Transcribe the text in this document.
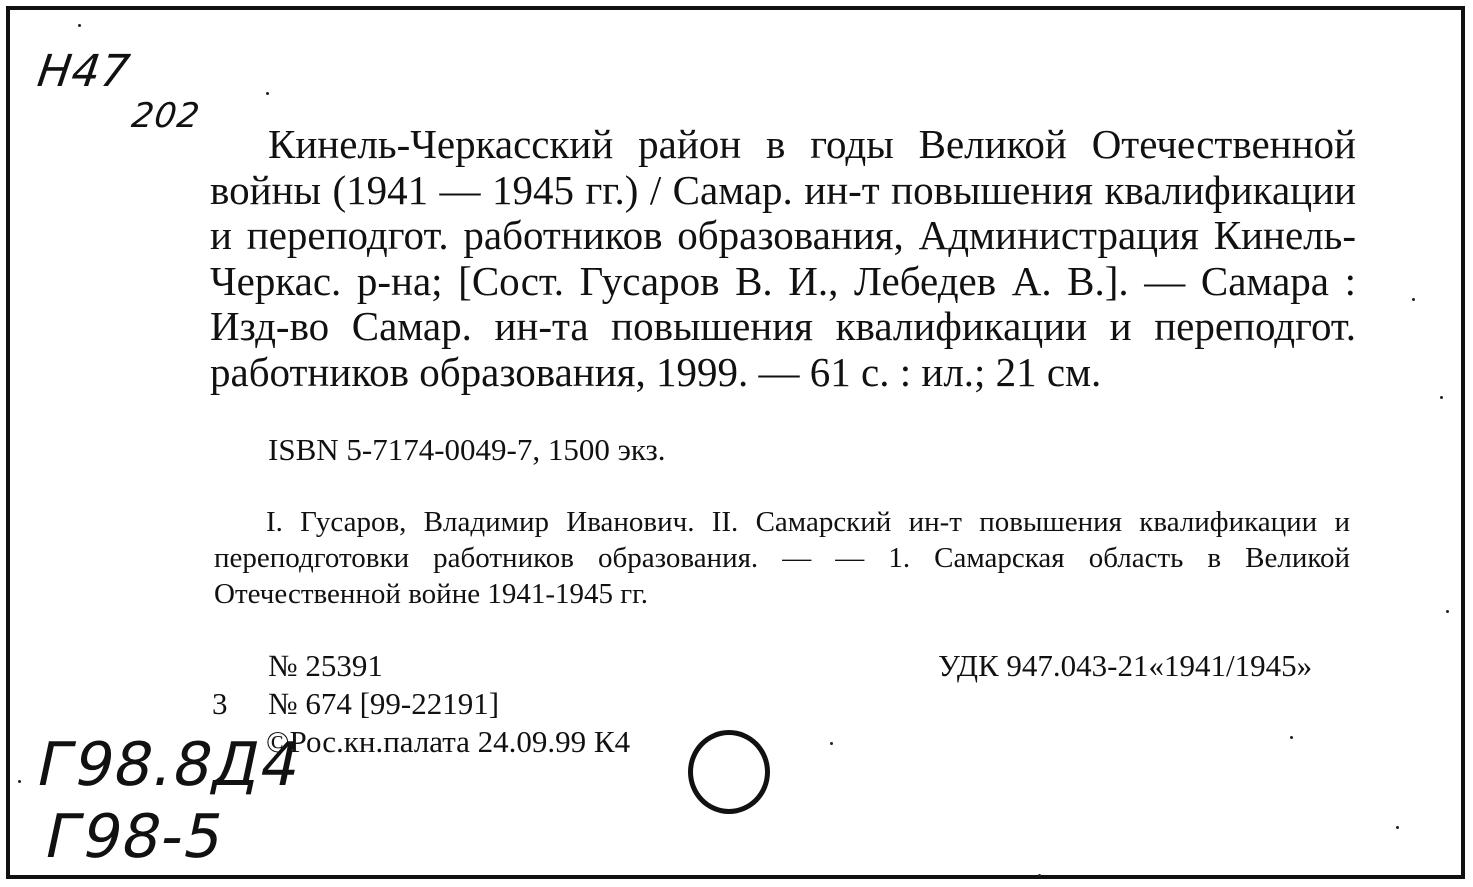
Н47
202

Кинель-Черкасский район в годы Великой Отечественной войны (1941 — 1945 гг.) / Самар. ин-т повышения квалификации и переподгот. работников образования, Администрация Кинель-Черкас. р-на; [Сост. Гусаров В. И., Лебедев А. В.]. — Самара : Изд-во Самар. ин-та повышения квалификации и переподгот. работников образования, 1999. — 61 с. : ил.; 21 см.

ISBN 5-7174-0049-7, 1500 экз.

I. Гусаров, Владимир Иванович. II. Самарский ин-т повышения квалификации и переподготовки работников образования. — — 1. Самарская область в Великой Отечественной войне 1941-1945 гг.

№ 25391	УДК 947.043-21«1941/1945»

3 № 674 [99-22191]

©Рос.кн.палата 24.09.99 К4

Г98.8Д4
Г98-5
